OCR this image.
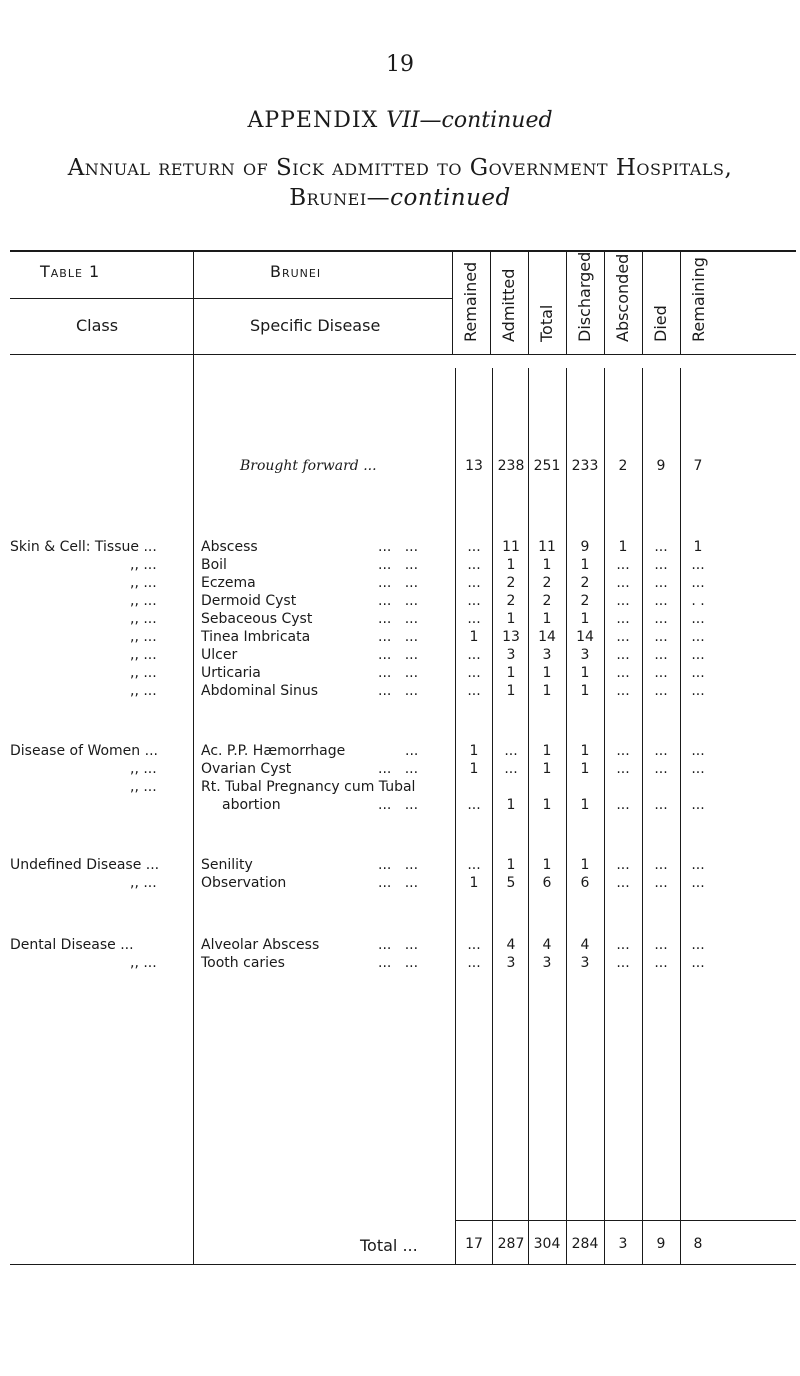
19
APPENDIX VII—continued
Annual return of Sick admitted to Government Hospitals,
Brunei—continued
Table 1	Brunei
Class	Specific Disease	Remained Admitted Total Discharged Absconded Died Remaining
Brought forward ...	13	238 251 233	2	9	7
Skin & Cell: Tissue ...	Abscess	...   ...	...	11	11	9	1	...	1
,, ...	Boil	...   ...	...	1	1	1	...	...	...
,, ...	Eczema	...   ...	...	2	2	2	...	...	...
,, ...	Dermoid Cyst	...   ...	...	2	2	2	...	...	. .
,, ...	Sebaceous Cyst	...   ...	...	1	1	1	...	...	...
,, ...	Tinea Imbricata	...   ...	1	13	14	14	...	...	...
,, ...	Ulcer	...   ...	...	3	3	3	...	...	...
,, ...	Urticaria	...   ...	...	1	1	1	...	...	...
,, ...	Abdominal Sinus	...   ...	...	1	1	1	...	...	...
Disease of Women ...	Ac. P.P. Hæmorrhage	...	1	...	1	1	...	...	...
,, ...	Ovarian Cyst	...   ...	1	...	1	1	...	...	...
,, ...	Rt. Tubal Pregnancy cum Tubal
abortion	...   ...	...	1	1	1	...	...	...
Undefined Disease ...	Senility	...   ...	...	1	1	1	...	...	...
,, ...	Observation	...   ...	1	5	6	6	...	...	...
Dental Disease ...	Alveolar Abscess	...   ...	...	4	4	4	...	...	...
,, ...	Tooth caries	...   ...	...	3	3	3	...	...	...
Total ...	17	287 304 284	3	9	8
